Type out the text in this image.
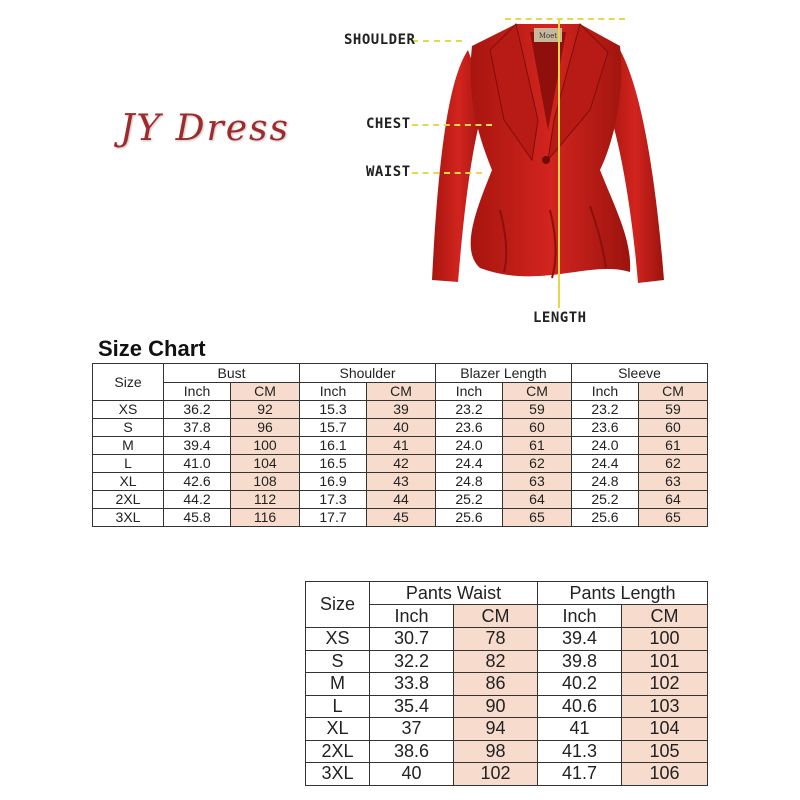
JY Dress
Moet
SHOULDER
CHEST
WAIST
LENGTH
Size Chart
Size	Bust		Shoulder		Blazer Length		Sleeve	
	Inch	CM	Inch	CM	Inch	CM	Inch	CM
XS	36.2	92	15.3	39	23.2	59	23.2	59
S	37.8	96	15.7	40	23.6	60	23.6	60
M	39.4	100	16.1	41	24.0	61	24.0	61
L	41.0	104	16.5	42	24.4	62	24.4	62
XL	42.6	108	16.9	43	24.8	63	24.8	63
2XL	44.2	112	17.3	44	25.2	64	25.2	64
3XL	45.8	116	17.7	45	25.6	65	25.6	65
Size	Pants Waist		Pants Length	
	Inch	CM	Inch	CM
XS	30.7	78	39.4	100
S	32.2	82	39.8	101
M	33.8	86	40.2	102
L	35.4	90	40.6	103
XL	37	94	41	104
2XL	38.6	98	41.3	105
3XL	40	102	41.7	106
